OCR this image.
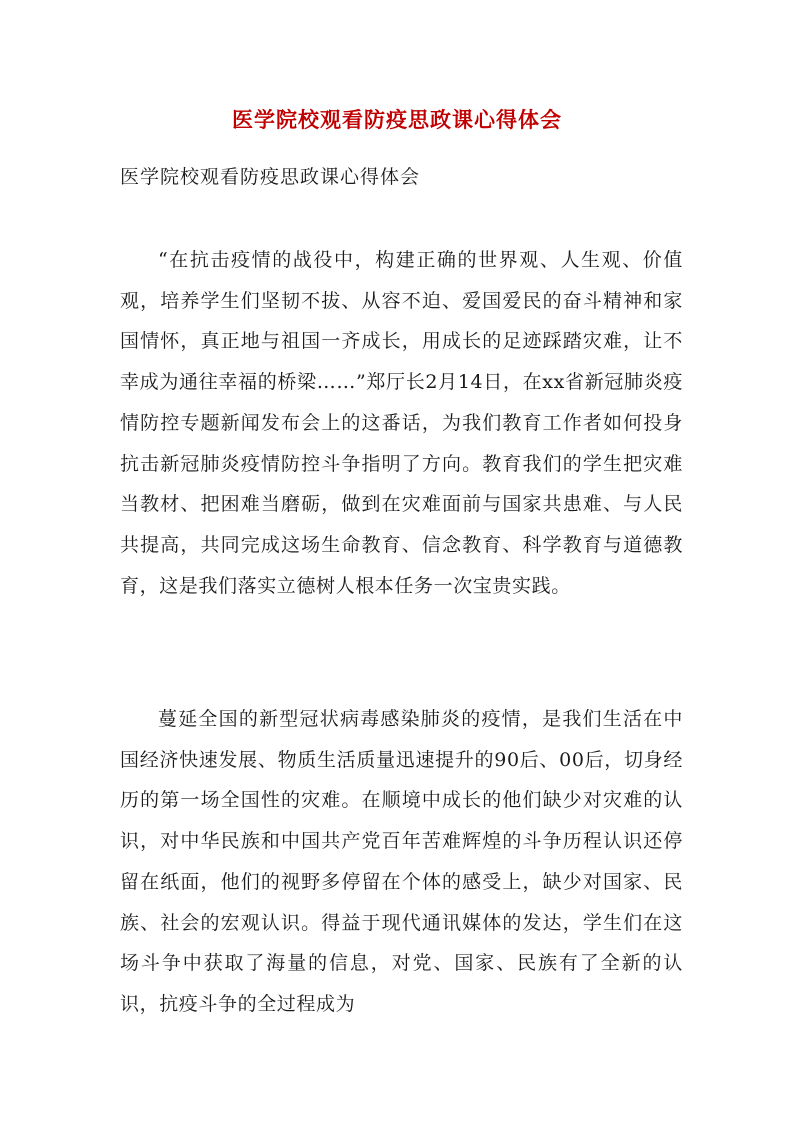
医学院校观看防疫思政课心得体会

医学院校观看防疫思政课心得体会

“在抗击疫情的战役中，构建正确的世界观、人生观、价值观，培养学生们坚韧不拔、从容不迫、爱国爱民的奋斗精神和家国情怀，真正地与祖国一齐成长，用成长的足迹踩踏灾难，让不幸成为通往幸福的桥梁……”郑厅长2月14日，在xx省新冠肺炎疫情防控专题新闻发布会上的这番话，为我们教育工作者如何投身抗击新冠肺炎疫情防控斗争指明了方向。教育我们的学生把灾难当教材、把困难当磨砺，做到在灾难面前与国家共患难、与人民共提高，共同完成这场生命教育、信念教育、科学教育与道德教育，这是我们落实立德树人根本任务一次宝贵实践。

蔓延全国的新型冠状病毒感染肺炎的疫情，是我们生活在中国经济快速发展、物质生活质量迅速提升的90后、00后，切身经历的第一场全国性的灾难。在顺境中成长的他们缺少对灾难的认识，对中华民族和中国共产党百年苦难辉煌的斗争历程认识还停留在纸面，他们的视野多停留在个体的感受上，缺少对国家、民族、社会的宏观认识。得益于现代通讯媒体的发达，学生们在这场斗争中获取了海量的信息，对党、国家、民族有了全新的认识，抗疫斗争的全过程成为
